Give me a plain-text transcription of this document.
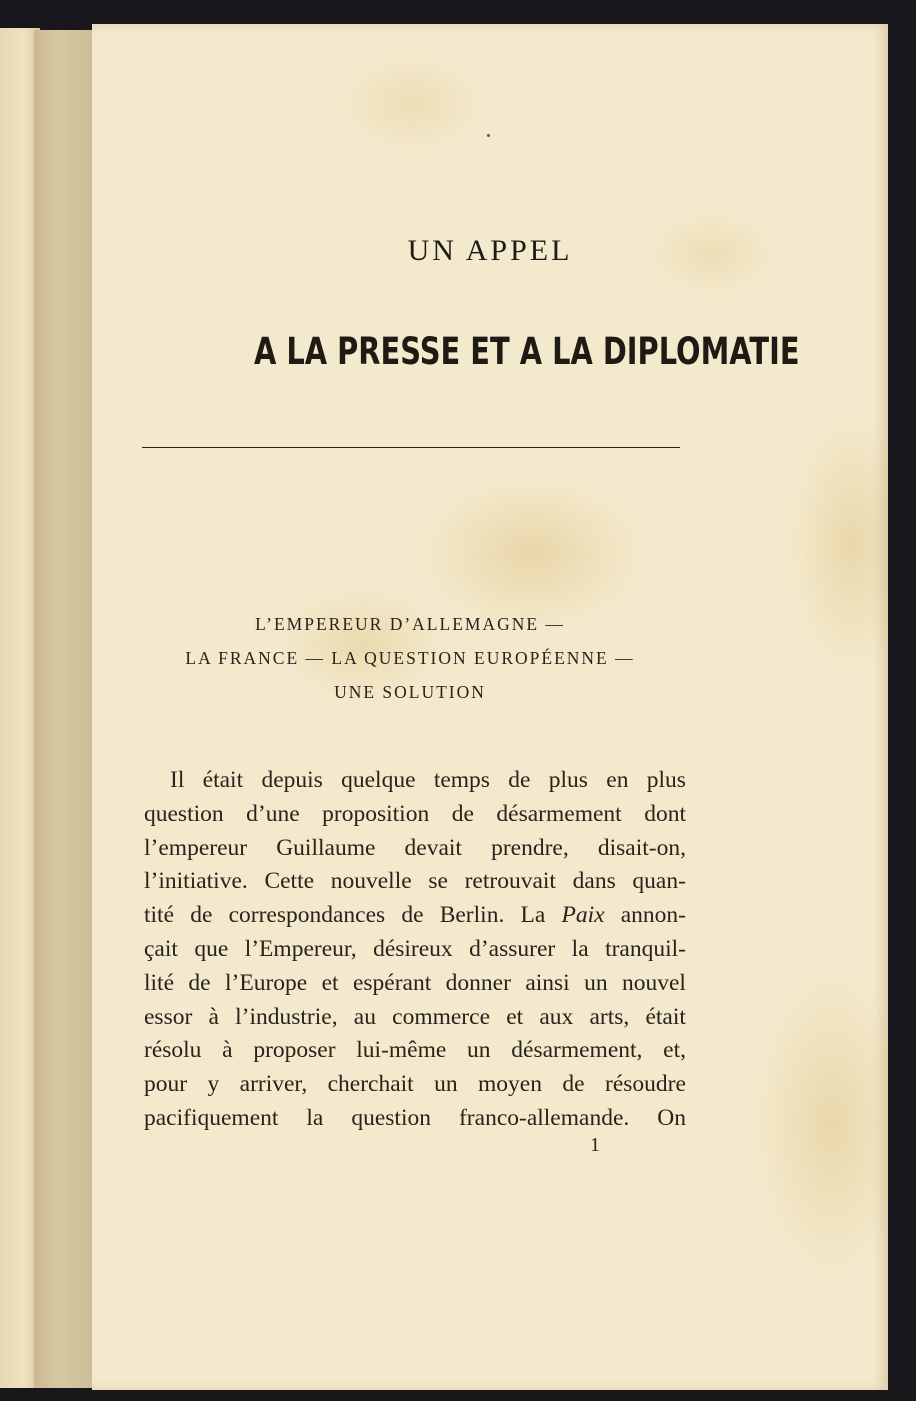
UN APPEL
A LA PRESSE ET A LA DIPLOMATIE
L’EMPEREUR D’ALLEMAGNE —
LA FRANCE — LA QUESTION EUROPÉENNE —
UNE SOLUTION
Il était depuis quelque temps de plus en plus
question d’une proposition de désarmement dont
l’empereur Guillaume devait prendre, disait-on,
l’initiative. Cette nouvelle se retrouvait dans quan-
tité de correspondances de Berlin. La Paix annon-
çait que l’Empereur, désireux d’assurer la tranquil-
lité de l’Europe et espérant donner ainsi un nouvel
essor à l’industrie, au commerce et aux arts, était
résolu à proposer lui-même un désarmement, et,
pour y arriver, cherchait un moyen de résoudre
pacifiquement la question franco-allemande. On
1
